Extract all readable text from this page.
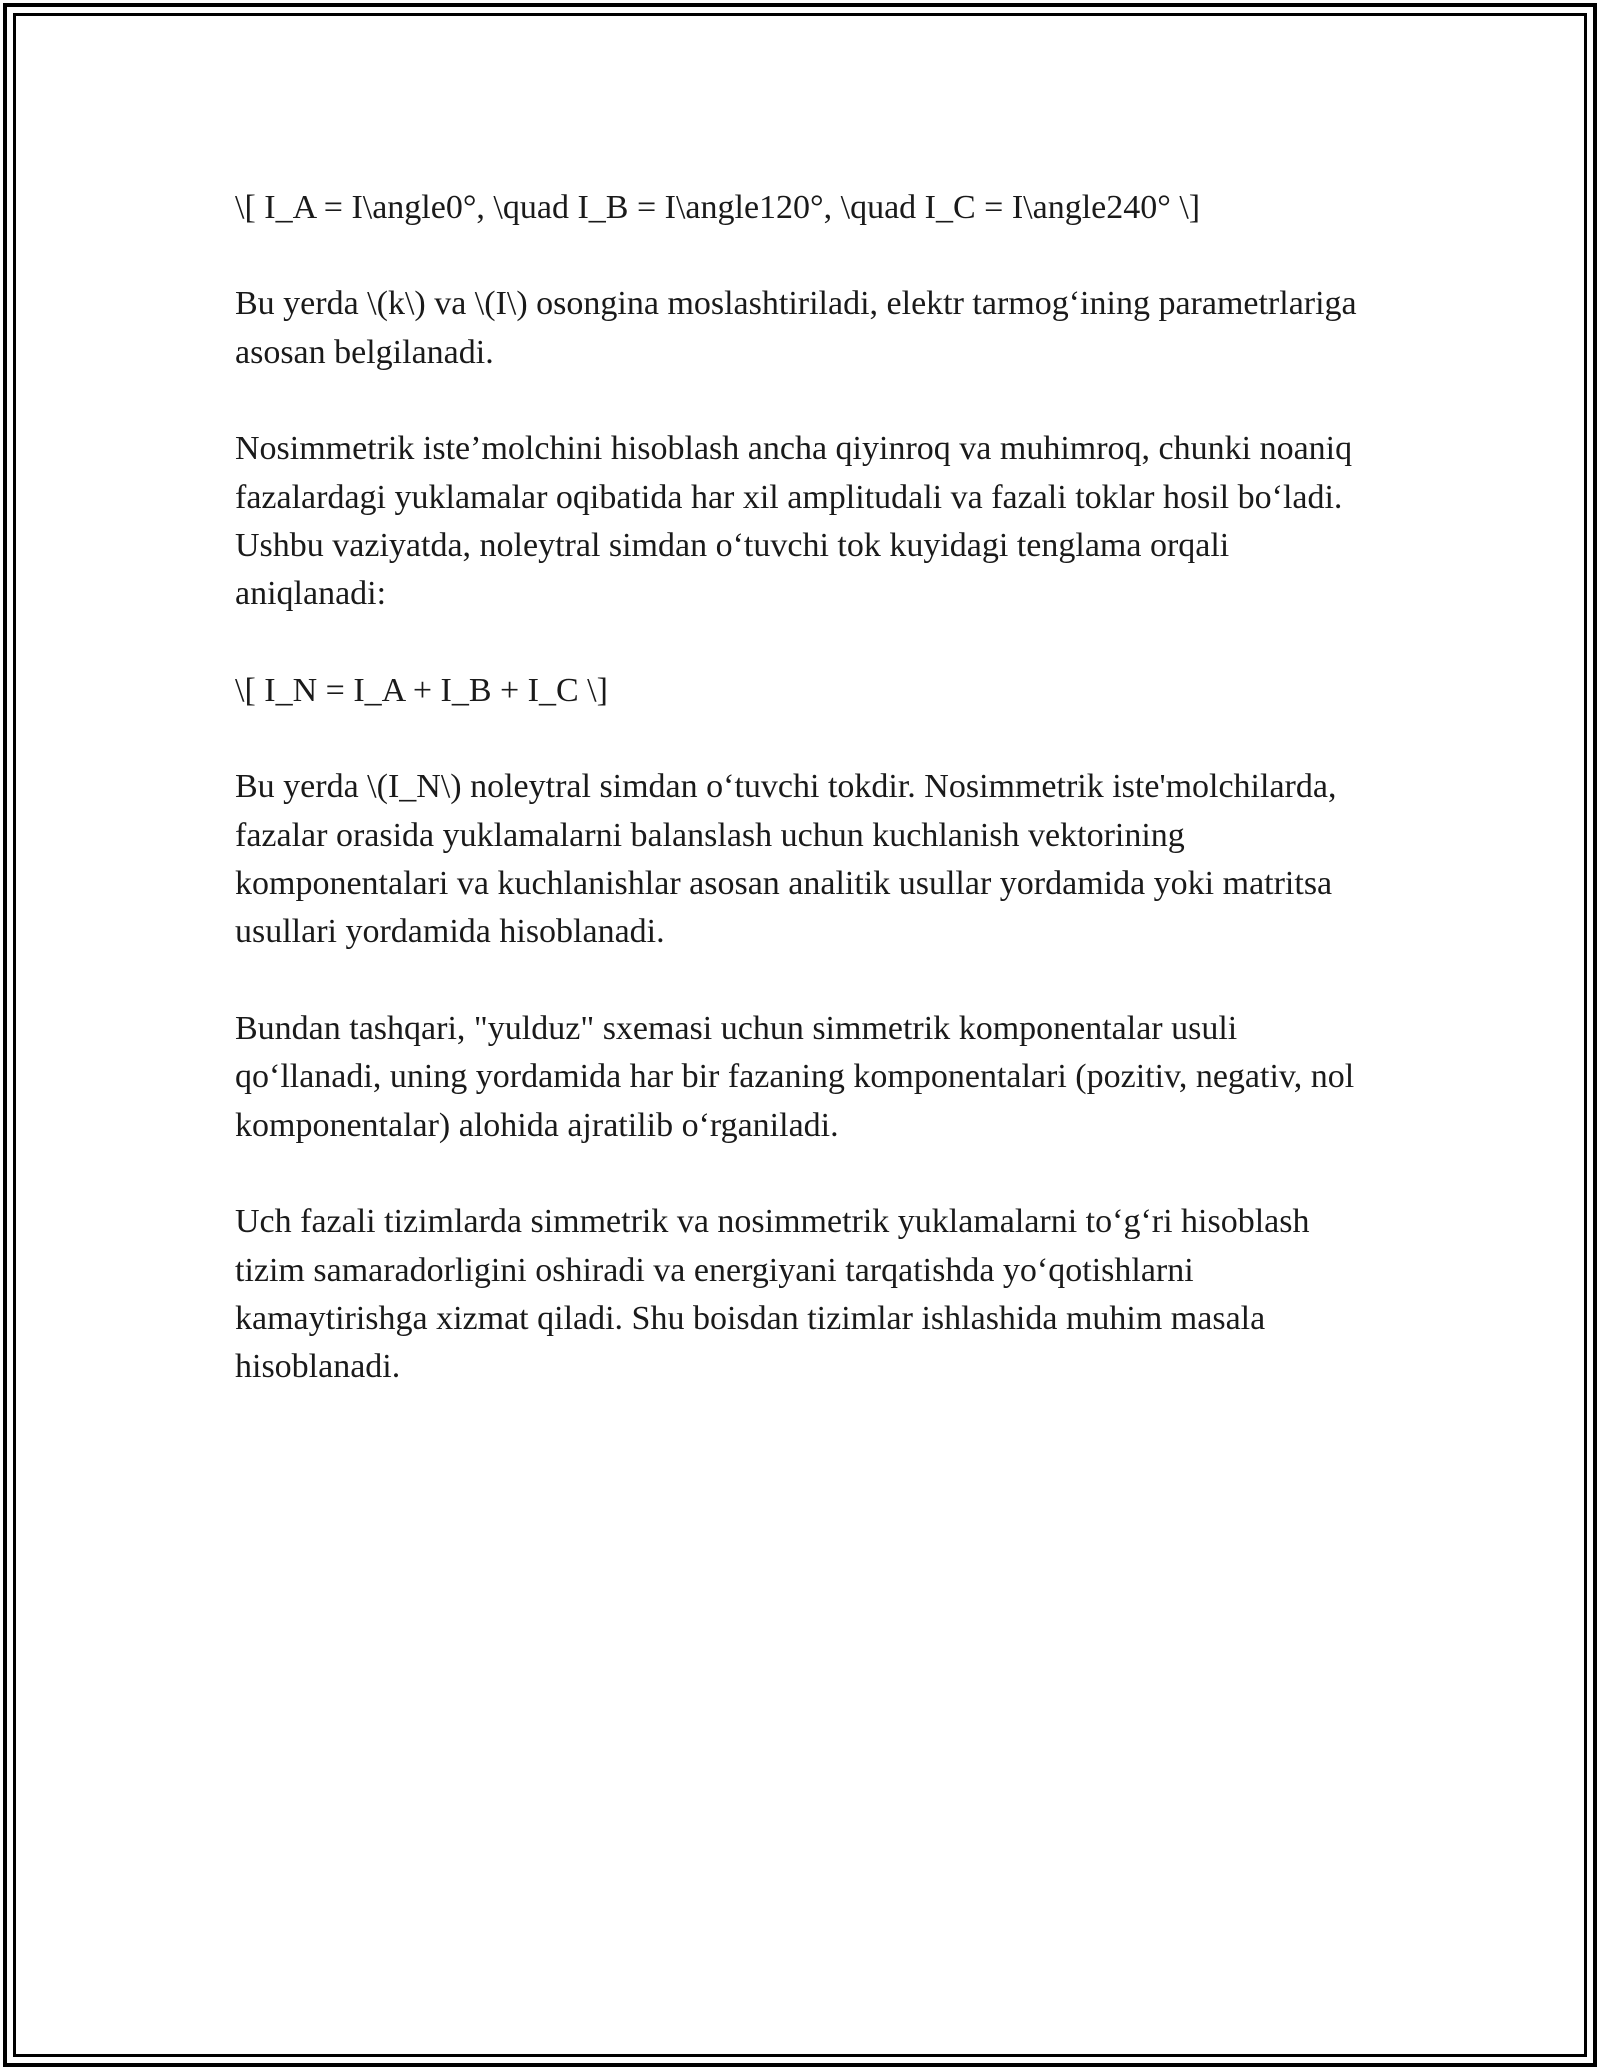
\[ I_A = I\angle0°, \quad I_B = I\angle120°, \quad I_C = I\angle240° \]

Bu yerda \(k\) va \(I\) osongina moslashtiriladi, elektr tarmog‘ining parametrlariga asosan belgilanadi.

Nosimmetrik iste’molchini hisoblash ancha qiyinroq va muhimroq, chunki noaniq fazalardagi yuklamalar oqibatida har xil amplitudali va fazali toklar hosil bo‘ladi. Ushbu vaziyatda, noleytral simdan o‘tuvchi tok kuyidagi tenglama orqali aniqlanadi:

\[ I_N = I_A + I_B + I_C \]

Bu yerda \(I_N\) noleytral simdan o‘tuvchi tokdir. Nosimmetrik iste'molchilarda, fazalar orasida yuklamalarni balanslash uchun kuchlanish vektorining komponentalari va kuchlanishlar asosan analitik usullar yordamida yoki matritsa usullari yordamida hisoblanadi.

Bundan tashqari, "yulduz" sxemasi uchun simmetrik komponentalar usuli qo‘llanadi, uning yordamida har bir fazaning komponentalari (pozitiv, negativ, nol komponentalar) alohida ajratilib o‘rganiladi.

Uch fazali tizimlarda simmetrik va nosimmetrik yuklamalarni to‘g‘ri hisoblash tizim samaradorligini oshiradi va energiyani tarqatishda yo‘qotishlarni kamaytirishga xizmat qiladi. Shu boisdan tizimlar ishlashida muhim masala hisoblanadi.
